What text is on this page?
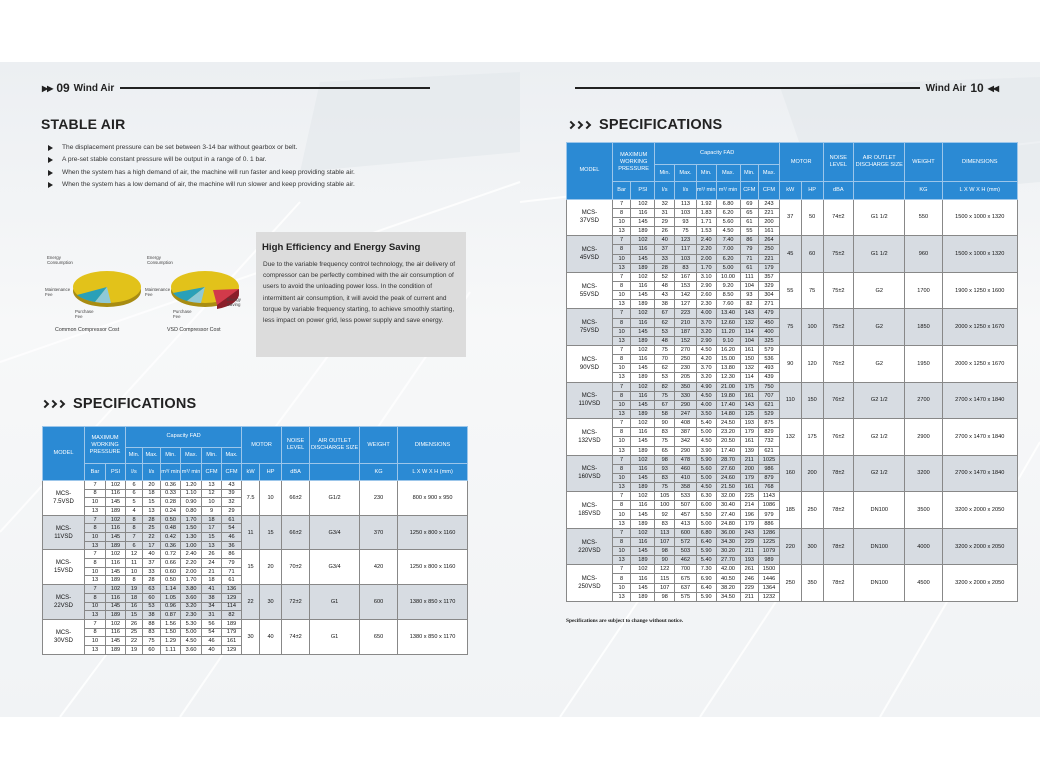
▶▶ 09 Wind Air
STABLE AIR
The displacement pressure can be set between 3-14 bar without gearbox or belt.
A pre-set stable constant pressure will be output in a range of 0. 1 bar.
When the system has a high demand of air, the machine will run faster and keep providing stable air.
When the system has a low demand of air, the machine will run slower and keep providing stable air.
Energy
Consumption
Maintenance
Fee
Purchase
Fee
Energy
Consumption
Maintenance
Fee
Purchase
Fee
Energy
Saving
Common Compressor Cost	VSD Compressor Cost
High Efficiency and Energy Saving

Due to the variable frequency control technology, the air delivery of compressor can be perfectly combined with the air consumption of users to avoid the unloading power loss. In the condition of intermittent air consumption, it will avoid the peak of current and torque by variable frequency starting, to achieve smoothly starting, less impact on power grid, less power supply and save energy.

SPECIFICATIONS
MODEL	MAXIMUM WORKING PRESSURE		Capacity FAD						MOTOR		NOISE LEVEL	AIR OUTLET DISCHARGE SIZE	WEIGHT	DIMENSIONS
			Min.	Max.	Min.	Max.	Min.	Max.						
	Bar	PSI	l/s	l/s	m³/ min	m³/ min	CFM	CFM	kW	HP	dBA		KG	L X W X H (mm)
MCS-
7.5VSD	7	102	6	20	0.36	1.20	13	43	7.5	10	66±2	G1/2	230	800 x 900 x 950
	8	116	6	18	0.33	1.10	12	39						
	10	145	5	15	0.28	0.90	10	32						
	13	189	4	13	0.24	0.80	9	29						
MCS-
11VSD	7	102	8	28	0.50	1.70	18	61	11	15	66±2	G3/4	370	1250 x 800 x 1160
	8	116	8	25	0.48	1.50	17	54						
	10	145	7	22	0.42	1.30	15	46						
	13	189	6	17	0.36	1.00	13	36						
MCS-
15VSD	7	102	12	40	0.72	2.40	26	86	15	20	70±2	G3/4	420	1250 x 800 x 1160
	8	116	11	37	0.66	2.20	24	79						
	10	145	10	33	0.60	2.00	21	71						
	13	189	8	28	0.50	1.70	18	61						
MCS-
22VSD	7	102	19	63	1.14	3.80	41	136	22	30	72±2	G1	600	1380 x 850 x 1170
	8	116	18	60	1.05	3.60	38	129						
	10	145	16	53	0.96	3.20	34	114						
	13	189	15	38	0.87	2.30	31	82						
MCS-
30VSD	7	102	26	88	1.56	5.30	56	189	30	40	74±2	G1	650	1380 x 850 x 1170
	8	116	25	83	1.50	5.00	54	179						
	10	145	22	75	1.29	4.50	46	161						
	13	189	19	60	1.11	3.60	40	129						
Wind Air 10 ◀◀
SPECIFICATIONS
MODEL	MAXIMUM WORKING PRESSURE		Capacity FAD						MOTOR		NOISE LEVEL	AIR OUTLET DISCHARGE SIZE	WEIGHT	DIMENSIONS
			Min.	Max.	Min.	Max.	Min.	Max.						
	Bar	PSI	l/s	l/s	m³/ min	m³/ min	CFM	CFM	kW	HP	dBA		KG	L X W X H (mm)
MCS-
37VSD	7	102	32	113	1.92	6.80	69	243	37	50	74±2	G1 1/2	550	1500 x 1000 x 1320
	8	116	31	103	1.83	6.20	65	221						
	10	145	29	93	1.71	5.60	61	200						
	13	189	26	75	1.53	4.50	55	161						
MCS-
45VSD	7	102	40	123	2.40	7.40	86	264	45	60	75±2	G1 1/2	960	1500 x 1000 x 1320
	8	116	37	117	2.20	7.00	79	250						
	10	145	33	103	2.00	6.20	71	221						
	13	189	28	83	1.70	5.00	61	179						
MCS-
55VSD	7	102	52	167	3.10	10.00	111	357	55	75	75±2	G2	1700	1900 x 1250 x 1600
	8	116	48	153	2.90	9.20	104	329						
	10	145	43	142	2.60	8.50	93	304						
	13	189	38	127	2.30	7.60	82	271						
MCS-
75VSD	7	102	67	223	4.00	13.40	143	479	75	100	75±2	G2	1850	2000 x 1250 x 1670
	8	116	62	210	3.70	12.60	132	450						
	10	145	53	187	3.20	11.20	114	400						
	13	189	48	152	2.90	9.10	104	325						
MCS-
90VSD	7	102	75	270	4.50	16.20	161	579	90	120	76±2	G2	1950	2000 x 1250 x 1670
	8	116	70	250	4.20	15.00	150	536						
	10	145	62	230	3.70	13.80	132	493						
	13	189	53	205	3.20	12.30	114	439						
MCS-
110VSD	7	102	82	350	4.90	21.00	175	750	110	150	76±2	G2 1/2	2700	2700 x 1470 x 1840
	8	116	75	330	4.50	19.80	161	707						
	10	145	67	290	4.00	17.40	143	621						
	13	189	58	247	3.50	14.80	125	529						
MCS-
132VSD	7	102	90	408	5.40	24.50	193	875	132	175	76±2	G2 1/2	2900	2700 x 1470 x 1840
	8	116	83	387	5.00	23.20	179	829						
	10	145	75	342	4.50	20.50	161	732						
	13	189	65	290	3.90	17.40	139	621						
MCS-
160VSD	7	102	98	478	5.90	28.70	211	1025	160	200	78±2	G2 1/2	3200	2700 x 1470 x 1840
	8	116	93	460	5.60	27.60	200	986						
	10	145	83	410	5.00	24.60	179	879						
	13	189	75	358	4.50	21.50	161	768						
MCS-
185VSD	7	102	105	533	6.30	32.00	225	1143	185	250	78±2	DN100	3500	3200 x 2000 x 2050
	8	116	100	507	6.00	30.40	214	1086						
	10	145	92	457	5.50	27.40	196	979						
	13	189	83	413	5.00	24.80	179	886						
MCS-
220VSD	7	102	113	600	6.80	36.00	243	1286	220	300	78±2	DN100	4000	3200 x 2000 x 2050
	8	116	107	572	6.40	34.30	229	1225						
	10	145	98	503	5.90	30.20	211	1079						
	13	189	90	462	5.40	27.70	193	989						
MCS-
250VSD	7	102	122	700	7.30	42.00	261	1500	250	350	78±2	DN100	4500	3200 x 2000 x 2050
	8	116	115	675	6.90	40.50	246	1446						
	10	145	107	637	6.40	38.20	229	1364						
	13	189	98	575	5.90	34.50	211	1232						
Specifications are subject to change without notice.
